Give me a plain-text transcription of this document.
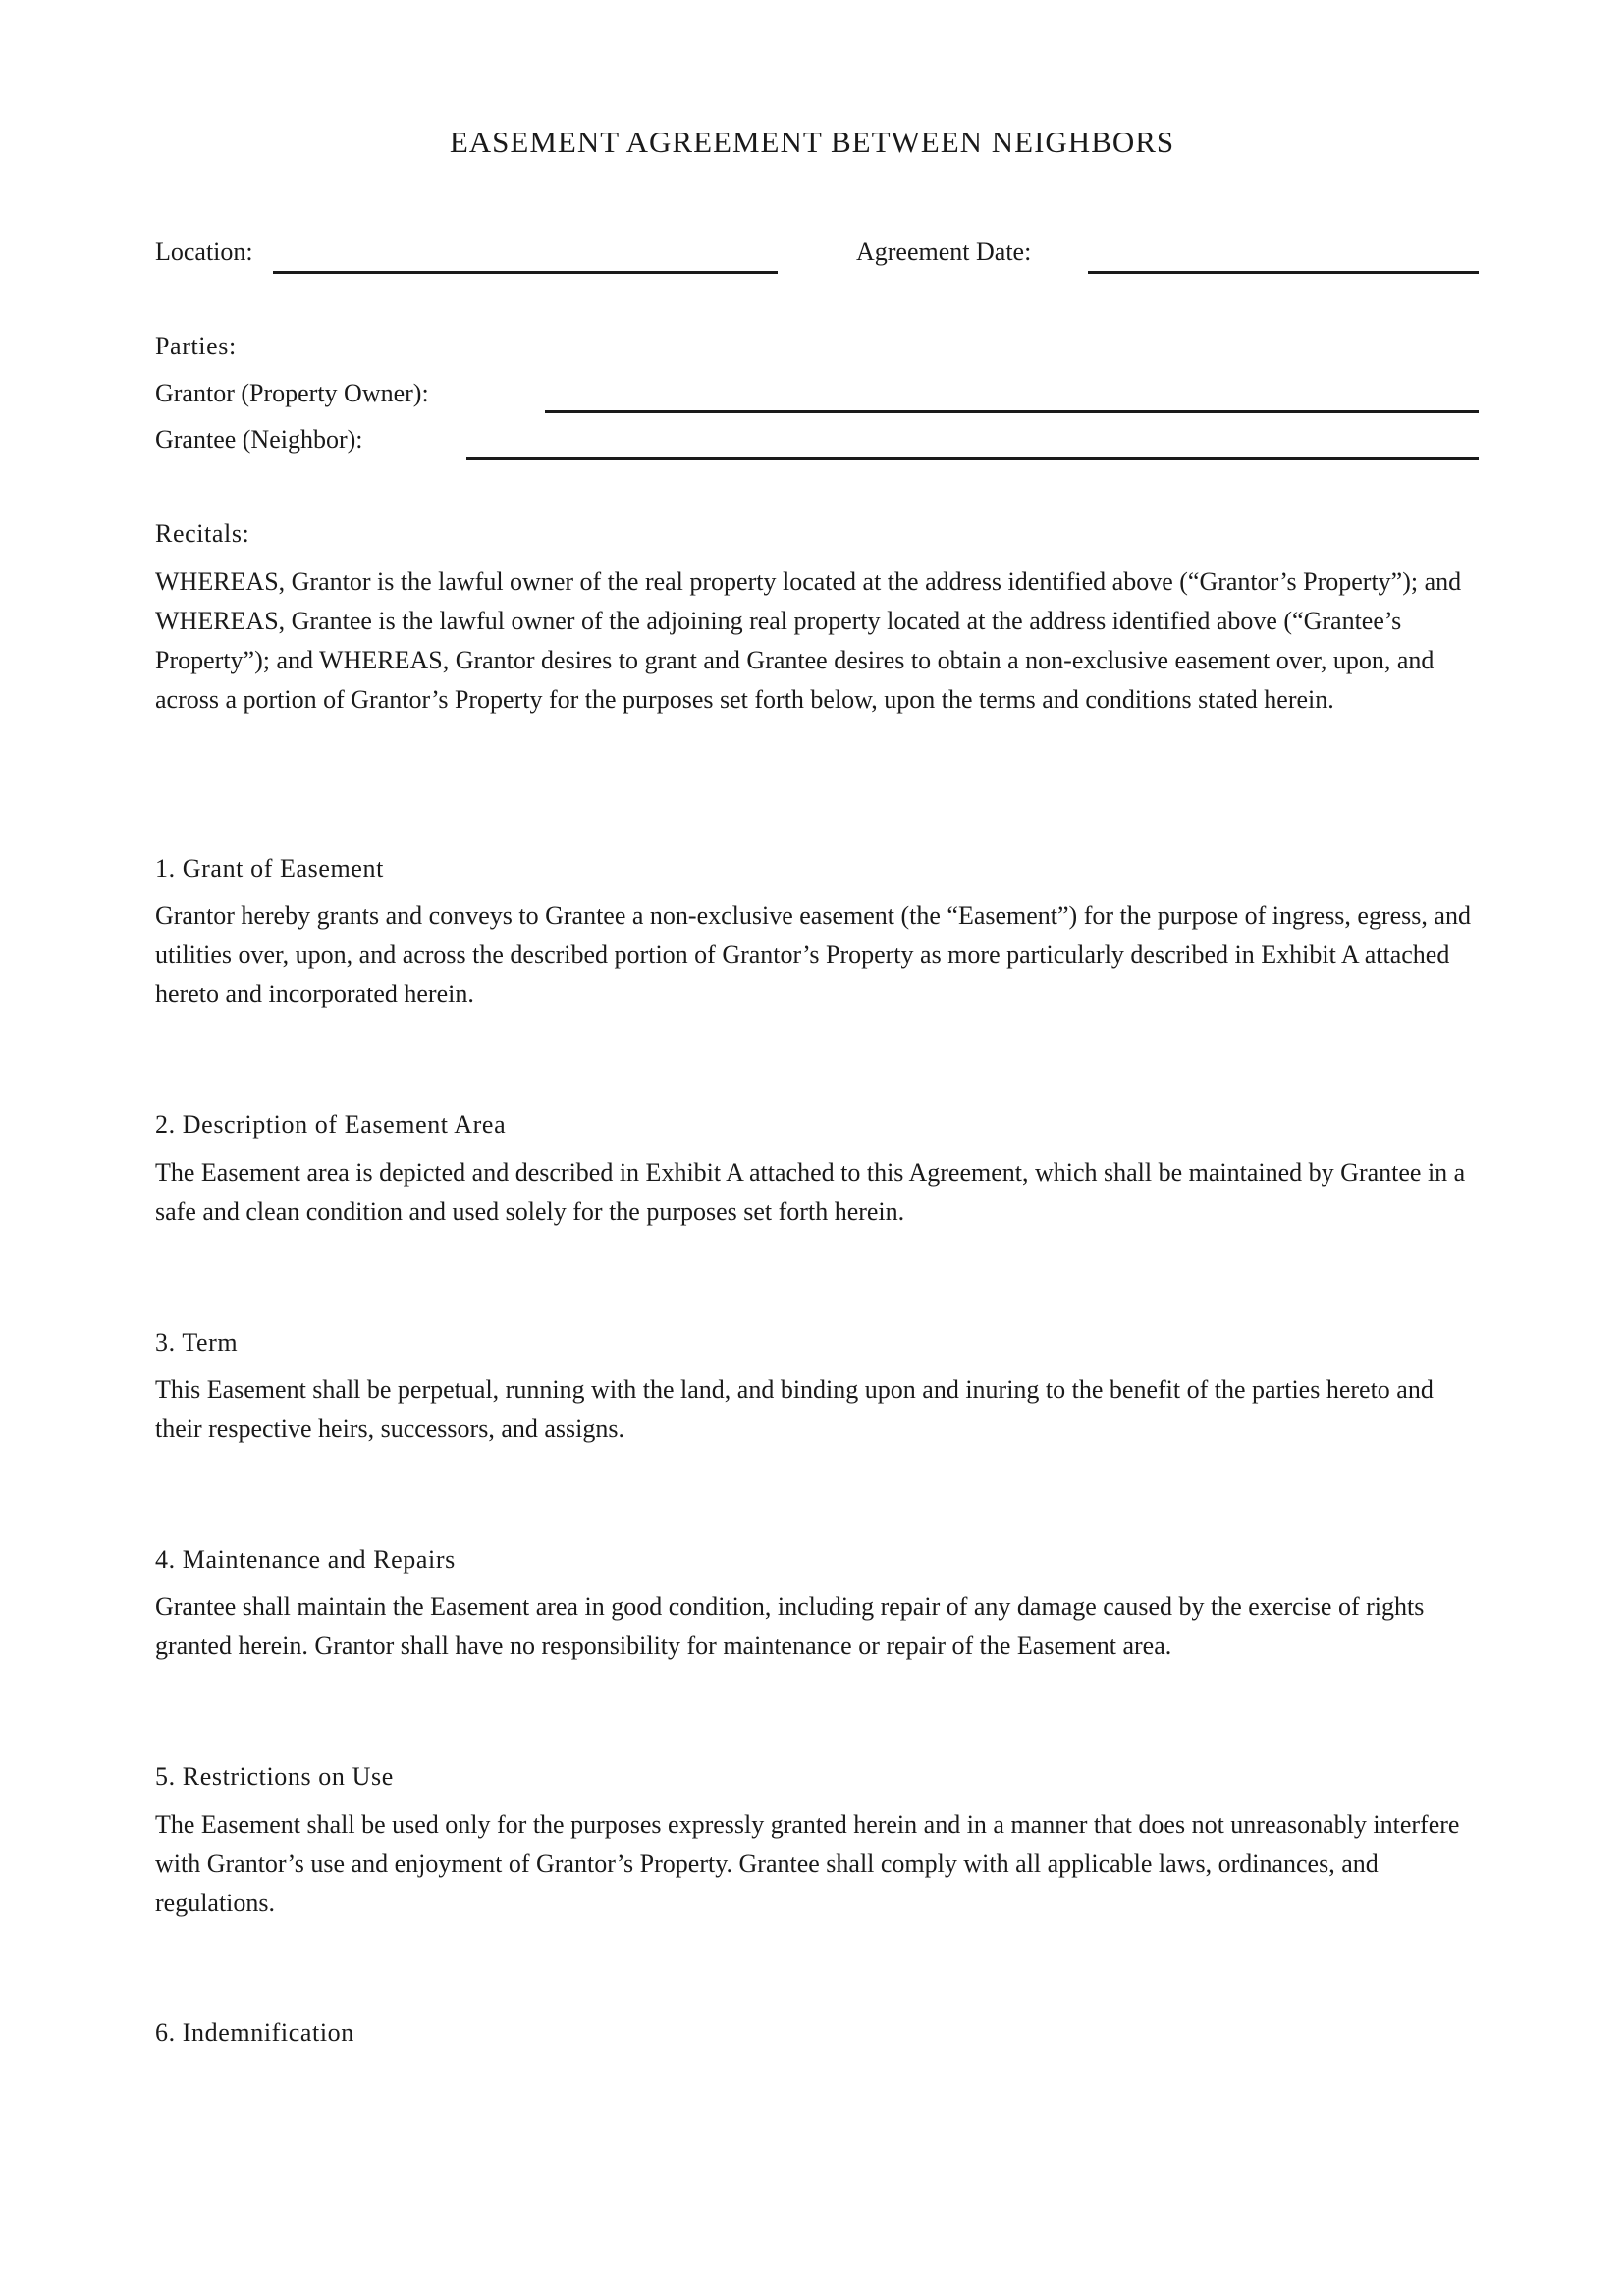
EASEMENT AGREEMENT BETWEEN NEIGHBORS
Location:	Agreement Date:
Parties:
Grantor (Property Owner):
Grantee (Neighbor):
Recitals:
WHEREAS, Grantor is the lawful owner of the real property located at the address identified above (“Grantor’s Property”); and WHEREAS, Grantee is the lawful owner of the adjoining real property located at the address identified above (“Grantee’s Property”); and WHEREAS, Grantor desires to grant and Grantee desires to obtain a non-exclusive easement over, upon, and across a portion of Grantor’s Property for the purposes set forth below, upon the terms and conditions stated herein.
1. Grant of Easement
Grantor hereby grants and conveys to Grantee a non-exclusive easement (the “Easement”) for the purpose of ingress, egress, and utilities over, upon, and across the described portion of Grantor’s Property as more particularly described in Exhibit A attached hereto and incorporated herein.
2. Description of Easement Area
The Easement area is depicted and described in Exhibit A attached to this Agreement, which shall be maintained by Grantee in a safe and clean condition and used solely for the purposes set forth herein.
3. Term
This Easement shall be perpetual, running with the land, and binding upon and inuring to the benefit of the parties hereto and their respective heirs, successors, and assigns.
4. Maintenance and Repairs
Grantee shall maintain the Easement area in good condition, including repair of any damage caused by the exercise of rights granted herein. Grantor shall have no responsibility for maintenance or repair of the Easement area.
5. Restrictions on Use
The Easement shall be used only for the purposes expressly granted herein and in a manner that does not unreasonably interfere with Grantor’s use and enjoyment of Grantor’s Property. Grantee shall comply with all applicable laws, ordinances, and regulations.
6. Indemnification
